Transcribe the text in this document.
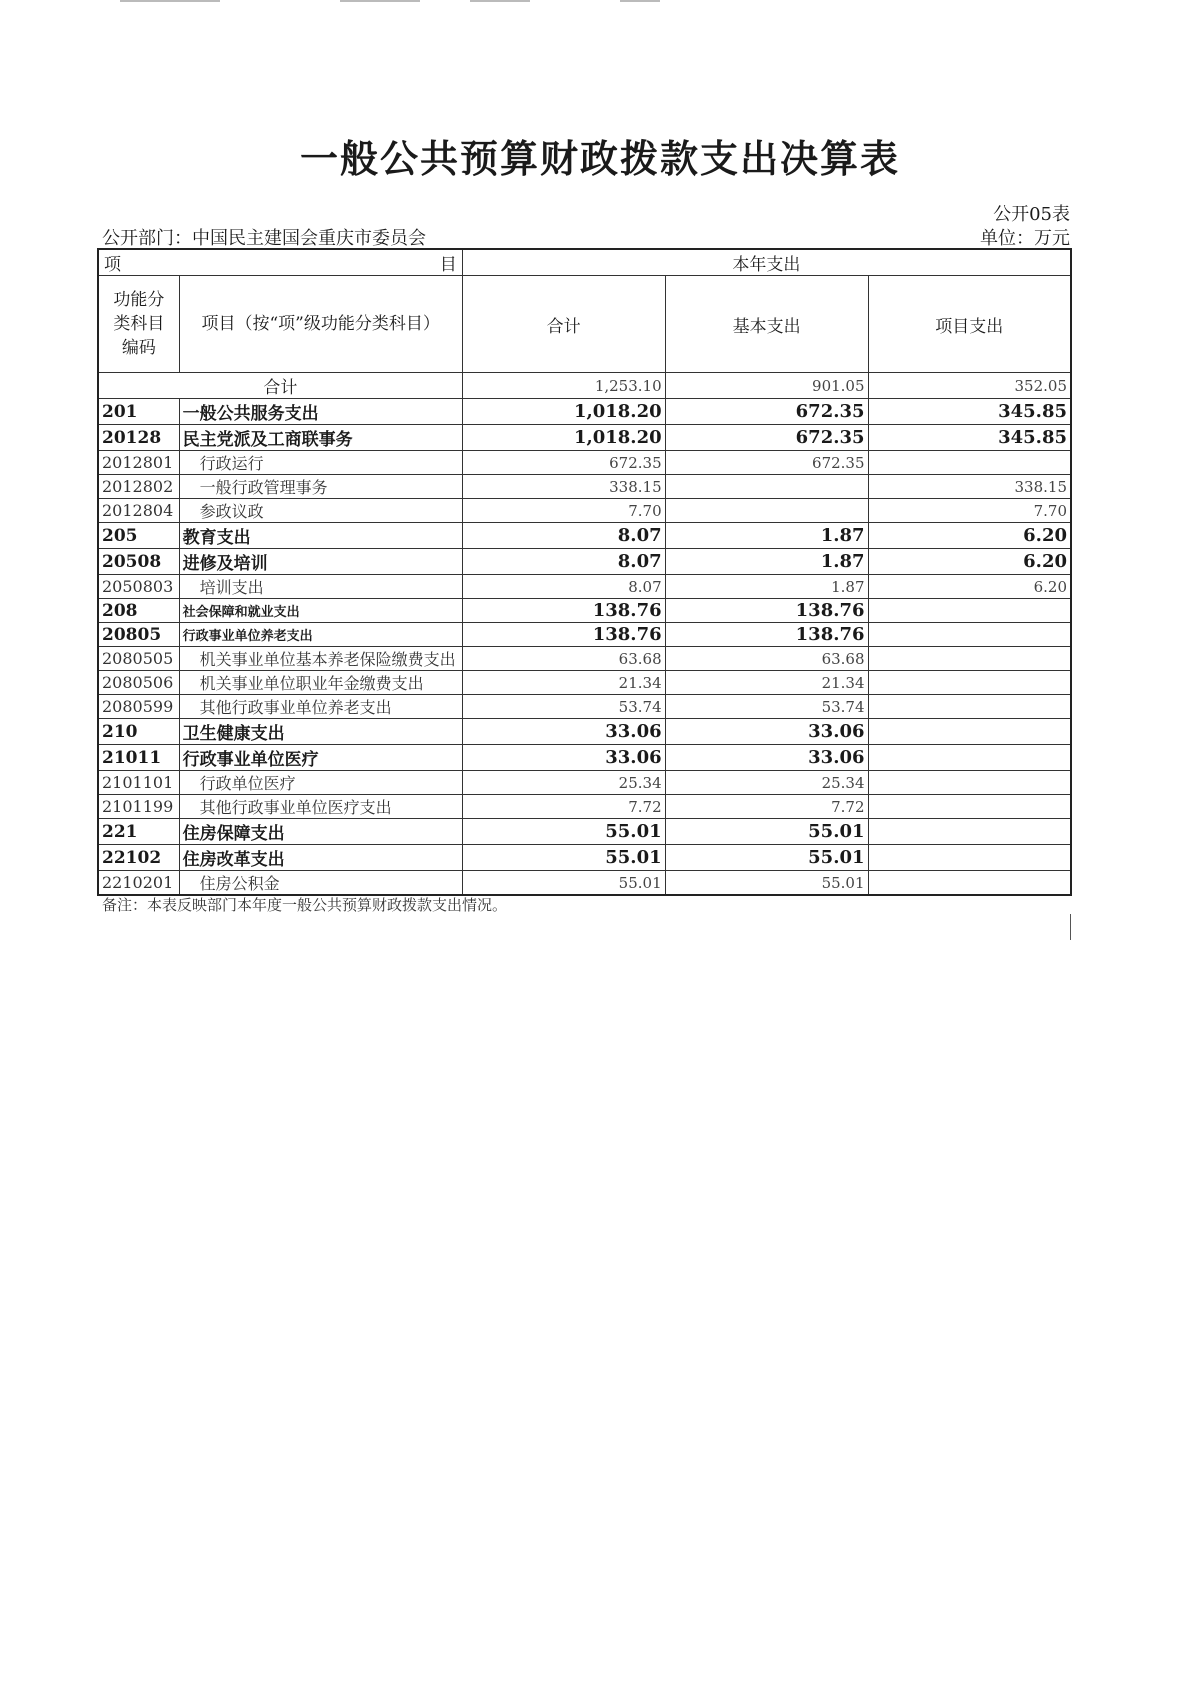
一般公共预算财政拨款支出决算表
公开05表
公开部门：中国民主建国会重庆市委员会	单位：万元
项 目		本年支出		
功能分类科目编码	项目（按“项”级功能分类科目）	合计	基本支出	项目支出
合计		1,253.10	901.05	352.05
201	一般公共服务支出	1,018.20	672.35	345.85
20128	民主党派及工商联事务	1,018.20	672.35	345.85
2012801	行政运行	672.35	672.35	
2012802	一般行政管理事务	338.15		338.15
2012804	参政议政	7.70		7.70
205	教育支出	8.07	1.87	6.20
20508	进修及培训	8.07	1.87	6.20
2050803	培训支出	8.07	1.87	6.20
208	社会保障和就业支出	138.76	138.76	
20805	行政事业单位养老支出	138.76	138.76	
2080505	机关事业单位基本养老保险缴费支出	63.68	63.68	
2080506	机关事业单位职业年金缴费支出	21.34	21.34	
2080599	其他行政事业单位养老支出	53.74	53.74	
210	卫生健康支出	33.06	33.06	
21011	行政事业单位医疗	33.06	33.06	
2101101	行政单位医疗	25.34	25.34	
2101199	其他行政事业单位医疗支出	7.72	7.72	
221	住房保障支出	55.01	55.01	
22102	住房改革支出	55.01	55.01	
2210201	住房公积金	55.01	55.01	
备注：本表反映部门本年度一般公共预算财政拨款支出情况。
